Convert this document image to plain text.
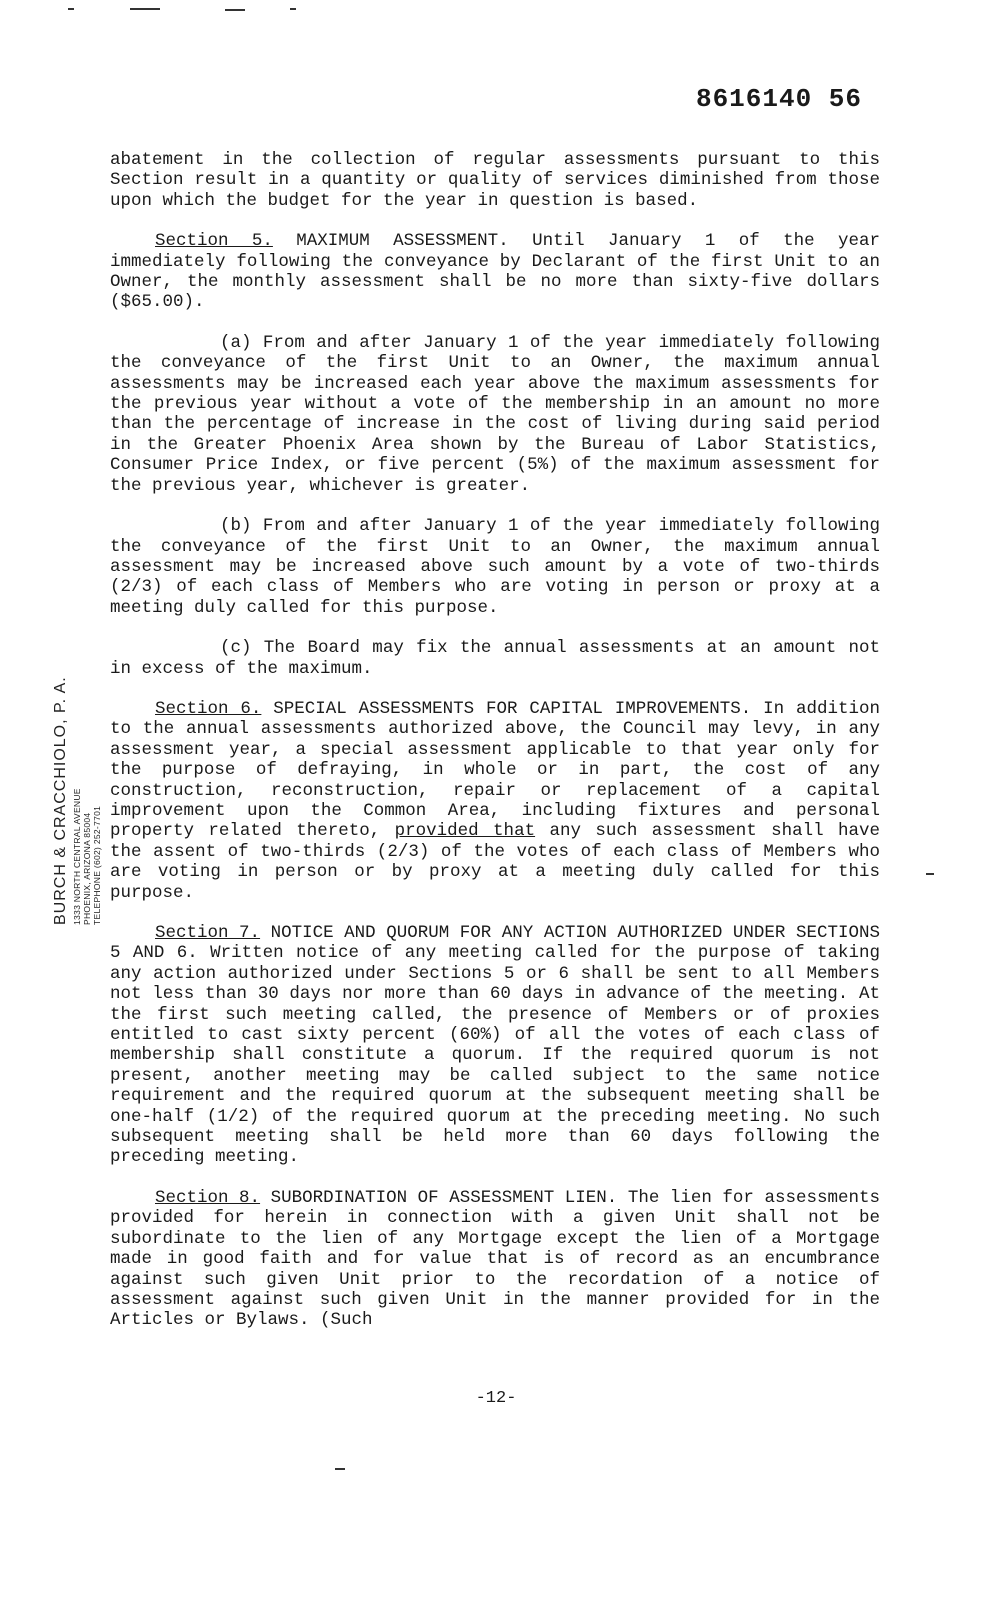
8616140 56
BURCH & CRACCHIOLO, P. A. 1333 NORTH CENTRAL AVENUE PHOENIX, ARIZONA 85004 TELEPHONE (602) 252-7701

abatement in the collection of regular assessments pursuant to this Section result in a quantity or quality of services diminished from those upon which the budget for the year in question is based.

Section 5. MAXIMUM ASSESSMENT. Until January 1 of the year immediately following the conveyance by Declarant of the first Unit to an Owner, the monthly assessment shall be no more than sixty-five dollars ($65.00).

(a) From and after January 1 of the year immediately following the conveyance of the first Unit to an Owner, the maximum annual assessments may be increased each year above the maximum assessments for the previous year without a vote of the membership in an amount no more than the percentage of increase in the cost of living during said period in the Greater Phoenix Area shown by the Bureau of Labor Statistics, Consumer Price Index, or five percent (5%) of the maximum assessment for the previous year, whichever is greater.

(b) From and after January 1 of the year immediately following the conveyance of the first Unit to an Owner, the maximum annual assessment may be increased above such amount by a vote of two-thirds (2/3) of each class of Members who are voting in person or proxy at a meeting duly called for this purpose.

(c) The Board may fix the annual assessments at an amount not in excess of the maximum.

Section 6. SPECIAL ASSESSMENTS FOR CAPITAL IMPROVEMENTS. In addition to the annual assessments authorized above, the Council may levy, in any assessment year, a special assessment applicable to that year only for the purpose of defraying, in whole or in part, the cost of any construction, reconstruction, repair or replacement of a capital improvement upon the Common Area, including fixtures and personal property related thereto, provided that any such assessment shall have the assent of two-thirds (2/3) of the votes of each class of Members who are voting in person or by proxy at a meeting duly called for this purpose.

Section 7. NOTICE AND QUORUM FOR ANY ACTION AUTHORIZED UNDER SECTIONS 5 AND 6. Written notice of any meeting called for the purpose of taking any action authorized under Sections 5 or 6 shall be sent to all Members not less than 30 days nor more than 60 days in advance of the meeting. At the first such meeting called, the presence of Members or of proxies entitled to cast sixty percent (60%) of all the votes of each class of membership shall constitute a quorum. If the required quorum is not present, another meeting may be called subject to the same notice requirement and the required quorum at the subsequent meeting shall be one-half (1/2) of the required quorum at the preceding meeting. No such subsequent meeting shall be held more than 60 days following the preceding meeting.

Section 8. SUBORDINATION OF ASSESSMENT LIEN. The lien for assessments provided for herein in connection with a given Unit shall not be subordinate to the lien of any Mortgage except the lien of a Mortgage made in good faith and for value that is of record as an encumbrance against such given Unit prior to the recordation of a notice of assessment against such given Unit in the manner provided for in the Articles or Bylaws. (Such

-12-
